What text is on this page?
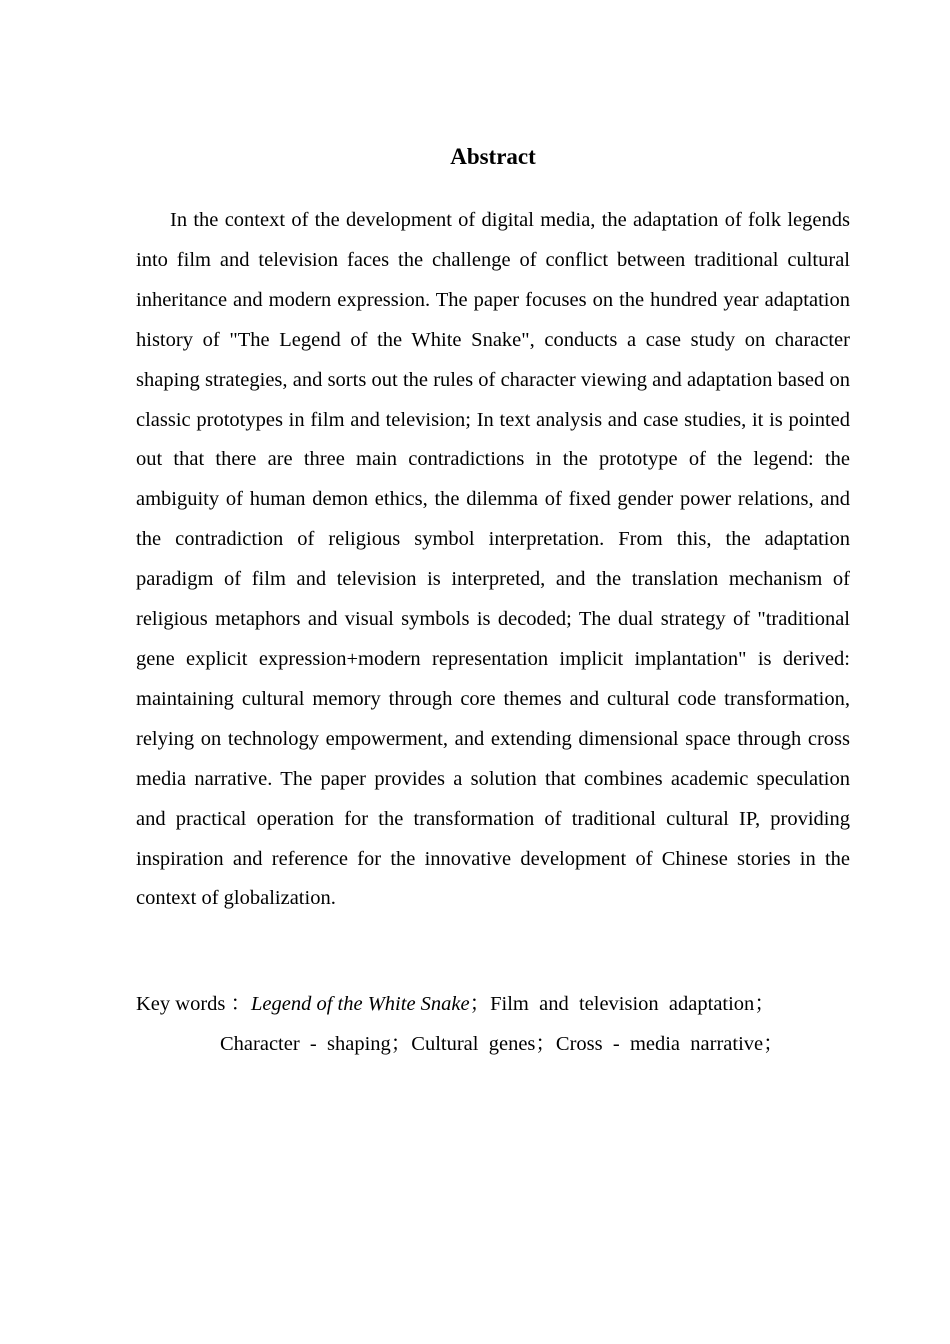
Abstract

In the context of the development of digital media, the adaptation of folk legends into film and television faces the challenge of conflict between traditional cultural inheritance and modern expression. The paper focuses on the hundred year adaptation history of "The Legend of the White Snake", conducts a case study on character shaping strategies, and sorts out the rules of character viewing and adaptation based on classic prototypes in film and television; In text analysis and case studies, it is pointed out that there are three main contradictions in the prototype of the legend: the ambiguity of human demon ethics, the dilemma of fixed gender power relations, and the contradiction of religious symbol interpretation. From this, the adaptation paradigm of film and television is interpreted, and the translation mechanism of religious metaphors and visual symbols is decoded; The dual strategy of "traditional gene explicit expression+modern representation implicit implantation" is derived: maintaining cultural memory through core themes and cultural code transformation, relying on technology empowerment, and extending dimensional space through cross media narrative. The paper provides a solution that combines academic speculation and practical operation for the transformation of traditional cultural IP, providing inspiration and reference for the innovative development of Chinese stories in the context of globalization.

Key words ： Legend of the White Snake ； Film  and  television  adaptation ；
Character  -  shaping ； Cultural  genes ； Cross  -  media  narrative ；
